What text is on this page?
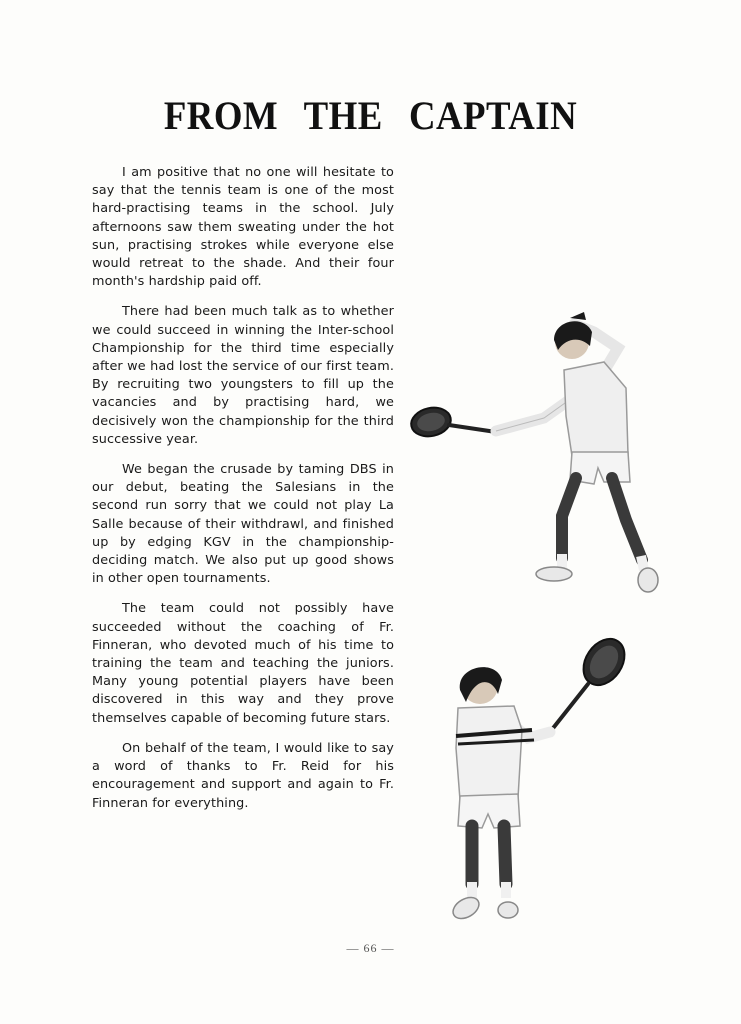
FROM THE CAPTAIN

I am positive that no one will hesitate to say that the tennis team is one of the most hard-practising teams in the school. July afternoons saw them sweating under the hot sun, practising strokes while everyone else would retreat to the shade. And their four month's hardship paid off.

There had been much talk as to whether we could succeed in winning the Inter-school Championship for the third time especially after we had lost the service of our first team. By recruiting two youngsters to fill up the vacancies and by practising hard, we decisively won the championship for the third successive year.

We began the crusade by taming DBS in our debut, beating the Salesians in the second run sorry that we could not play La Salle because of their withdrawl, and finished up by edging KGV in the championship-deciding match. We also put up good shows in other open tournaments.

The team could not possibly have succeeded without the coaching of Fr. Finneran, who devoted much of his time to training the team and teaching the juniors. Many young potential players have been discovered in this way and they prove themselves capable of becoming future stars.

On behalf of the team, I would like to say a word of thanks to Fr. Reid for his encouragement and support and again to Fr. Finneran for everything.

— 66 —
